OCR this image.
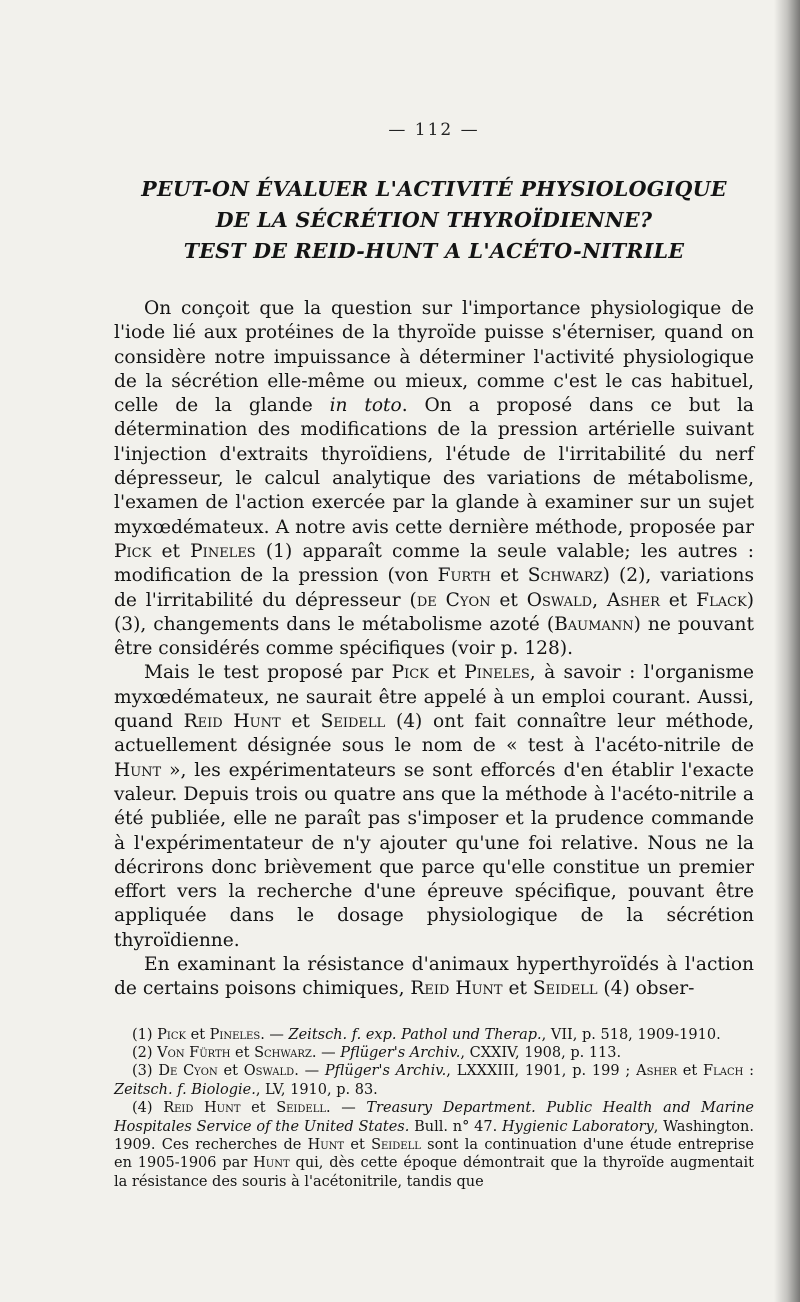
— 112 —
PEUT-ON ÉVALUER L'ACTIVITÉ PHYSIOLOGIQUE
DE LA SÉCRÉTION THYROÏDIENNE?
TEST DE REID-HUNT A L'ACÉTO-NITRILE

On conçoit que la question sur l'importance physiologique de l'iode lié aux protéines de la thyroïde puisse s'éterniser, quand on considère notre impuissance à déterminer l'activité physiologique de la sécrétion elle-même ou mieux, comme c'est le cas habituel, celle de la glande in toto. On a proposé dans ce but la détermination des modifications de la pression artérielle suivant l'injection d'extraits thyroïdiens, l'étude de l'irritabilité du nerf dépresseur, le calcul analytique des variations de métabolisme, l'examen de l'action exercée par la glande à examiner sur un sujet myxœdémateux. A notre avis cette dernière méthode, proposée par Pick et Pineles (1) apparaît comme la seule valable; les autres : modification de la pression (von Furth et Schwarz) (2), variations de l'irritabilité du dépresseur (de Cyon et Oswald, Asher et Flack) (3), changements dans le métabolisme azoté (Baumann) ne pouvant être considérés comme spécifiques (voir p. 128).

Mais le test proposé par Pick et Pineles, à savoir : l'organisme myxœdémateux, ne saurait être appelé à un emploi courant. Aussi, quand Reid Hunt et Seidell (4) ont fait connaître leur méthode, actuellement désignée sous le nom de « test à l'acéto-nitrile de Hunt », les expérimentateurs se sont efforcés d'en établir l'exacte valeur. Depuis trois ou quatre ans que la méthode à l'acéto-nitrile a été publiée, elle ne paraît pas s'imposer et la prudence commande à l'expérimentateur de n'y ajouter qu'une foi relative. Nous ne la décrirons donc brièvement que parce qu'elle constitue un premier effort vers la recherche d'une épreuve spécifique, pouvant être appliquée dans le dosage physiologique de la sécrétion thyroïdienne.

En examinant la résistance d'animaux hyperthyroïdés à l'action de certains poisons chimiques, Reid Hunt et Seidell (4) obser-

(1) Pick et Pineles. — Zeitsch. f. exp. Pathol und Therap., VII, p. 518, 1909-1910.

(2) Von Fürth et Schwarz. — Pflüger's Archiv., CXXIV, 1908, p. 113.

(3) De Cyon et Oswald. — Pflüger's Archiv., LXXXIII, 1901, p. 199 ; Asher et Flach : Zeitsch. f. Biologie., LV, 1910, p. 83.

(4) Reid Hunt et Seidell. — Treasury Department. Public Health and Marine Hospitales Service of the United States. Bull. n° 47. Hygienic Laboratory, Washington. 1909. Ces recherches de Hunt et Seidell sont la continuation d'une étude entreprise en 1905-1906 par Hunt qui, dès cette époque démontrait que la thyroïde augmentait la résistance des souris à l'acétonitrile, tandis que
